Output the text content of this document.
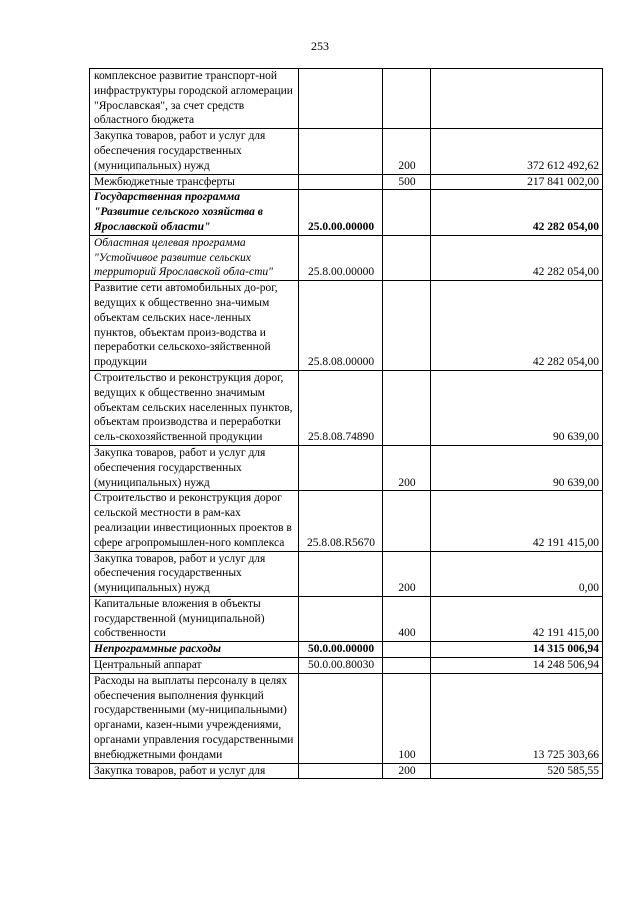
253
комплексное развитие транспорт-ной инфраструктуры городской агломерации "Ярославская", за счет средств областного бюджета			
Закупка товаров, работ и услуг для обеспечения государственных (муниципальных) нужд		200	372 612 492,62
Межбюджетные трансферты		500	217 841 002,00
Государственная программа "Развитие сельского хозяйства в Ярославской области"	25.0.00.00000		42 282 054,00
Областная целевая программа "Устойчивое развитие сельских территорий Ярославской обла-сти"	25.8.00.00000		42 282 054,00
Развитие сети автомобильных до-рог, ведущих к общественно зна-чимым объектам сельских насе-ленных пунктов, объектам произ-водства и переработки сельскохо-зяйственной продукции	25.8.08.00000		42 282 054,00
Строительство и реконструкция дорог, ведущих к общественно значимым объектам сельских населенных пунктов, объектам производства и переработки сель-скохозяйственной продукции	25.8.08.74890		90 639,00
Закупка товаров, работ и услуг для обеспечения государственных (муниципальных) нужд		200	90 639,00
Строительство и реконструкция дорог сельской местности в рам-ках реализации инвестиционных проектов в сфере агропромышлен-ного комплекса	25.8.08.R5670		42 191 415,00
Закупка товаров, работ и услуг для обеспечения государственных (муниципальных) нужд		200	0,00
Капитальные вложения в объекты государственной (муниципальной) собственности		400	42 191 415,00
Непрограммные расходы	50.0.00.00000		14 315 006,94
Центральный аппарат	50.0.00.80030		14 248 506,94
Расходы на выплаты персоналу в целях обеспечения выполнения функций государственными (му-ниципальными) органами, казен-ными учреждениями, органами управления государственными внебюджетными фондами		100	13 725 303,66
Закупка товаров, работ и услуг для		200	520 585,55
